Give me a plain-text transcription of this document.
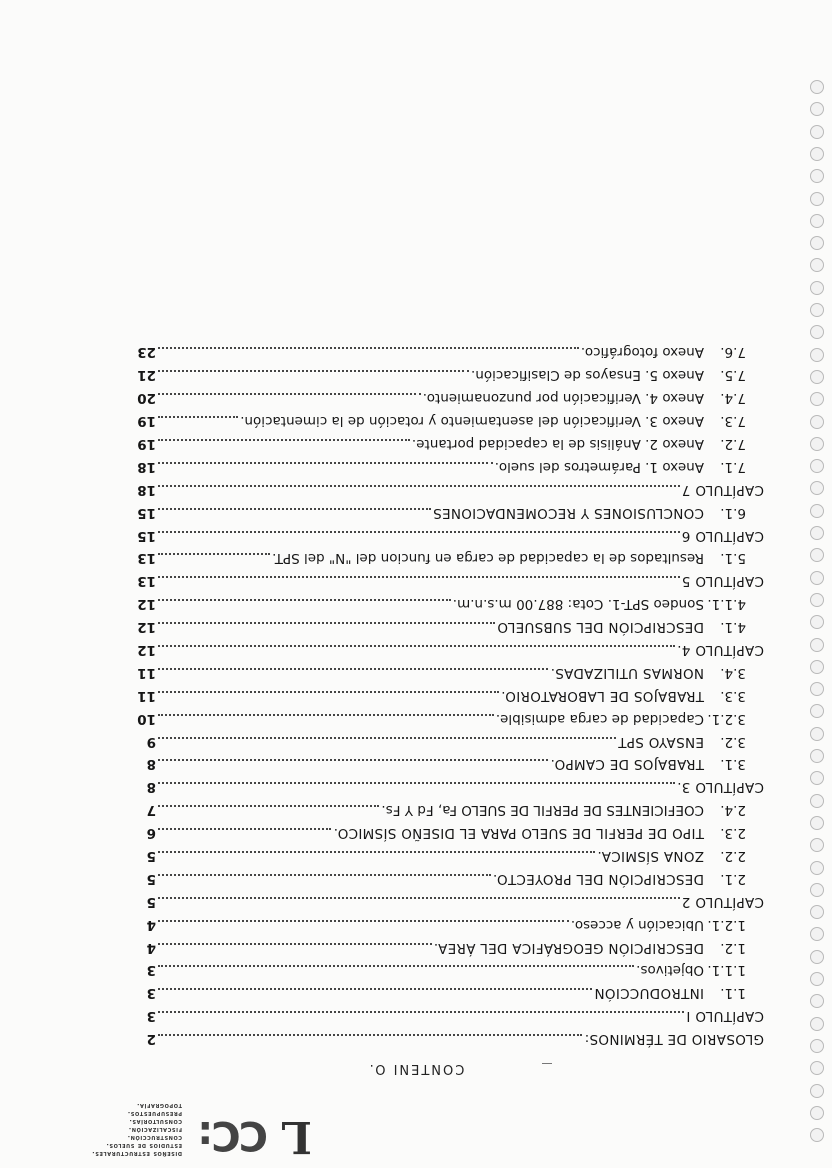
L
CC:
diseños estructurales.
estudios de suelos.
construcción.
fiscalización.
consultorías.
presupuestos.
topografía.
CONTENI O.
GLOSARIO DE TÉRMINOS:
2
CAPÍTULO I
3
1.1.
INTRODUCCIÓN
3
1.1.1.
Objetivos.
3
1.2.
DESCRIPCIÓN GEOGRÁFICA DEL ÁREA.
4
1.2.1.
Ubicación y acceso.
4
CAPÍTULO 2
5
2.1.
DESCRIPCIÓN DEL PROYECTO.
5
2.2.
ZONA SÍSMICA.
5
2.3.
TIPO DE PERFIL DE SUELO PARA EL DISEÑO SÍSMICO.
6
2.4.
COEFICIENTES DE PERFIL DE SUELO Fa, Fd Y Fs.
7
CAPÍTULO 3.
8
3.1.
TRABAJOS DE CAMPO.
8
3.2.
ENSAYO SPT
9
3.2.1.
Capacidad de carga admisible.
10
3.3.
TRABAJOS DE LABORATORIO.
11
3.4.
NORMAS UTILIZADAS.
11
CAPÍTULO 4.
12
4.1.
DESCRIPCIÓN DEL SUBSUELO
12
4.1.1.
Sondeo SPT-1. Cota: 887.00 m.s.n.m.
12
CAPÍTULO 5
13
5.1.
Resultados de la capacidad de carga en funcion del "N" del SPT.
13
CAPÍTULO 6
15
6.1.
CONCLUSIONES Y RECOMENDACIONES
15
CAPÍTULO 7
18
7.1.
Anexo 1. Parámetros del suelo.
18
7.2.
Anexo 2. Análisis de la capacidad portante.
19
7.3.
Anexo 3. Verificación del asentamiento y rotación de la cimentación.
19
7.4.
Anexo 4. Verificación por punzonamiento.
20
7.5.
Anexo 5. Ensayos de Clasificación.
21
7.6.
Anexo fotográfico.
23
